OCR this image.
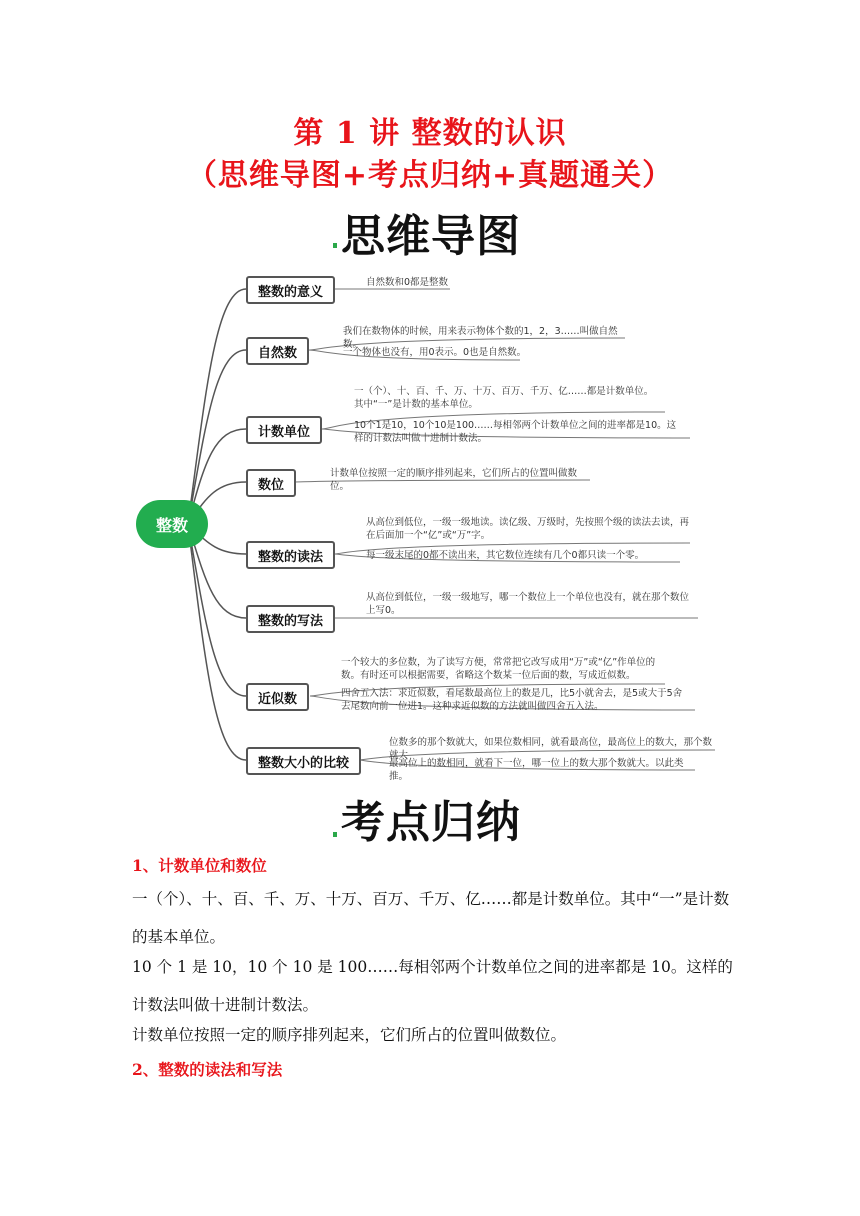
第 1 讲 整数的认识
（思维导图+考点归纳+真题通关）
思维导图
整数
整数的意义
自然数
计数单位
数位
整数的读法
整数的写法
近似数
整数大小的比较
自然数和0都是整数
我们在数物体的时候，用来表示物体个数的1，2，3……叫做自然数。
一个物体也没有，用0表示。0也是自然数。
一（个）、十、百、千、万、十万、百万、千万、亿……都是计数单位。其中“一”是计数的基本单位。
10个1是10，10个10是100……每相邻两个计数单位之间的进率都是10。这样的计数法叫做十进制计数法。
计数单位按照一定的顺序排列起来，它们所占的位置叫做数位。
从高位到低位，一级一级地读。读亿级、万级时，先按照个级的读法去读，再在后面加一个“亿”或“万”字。
每一级末尾的0都不读出来，其它数位连续有几个0都只读一个零。
从高位到低位，一级一级地写，哪一个数位上一个单位也没有，就在那个数位上写0。
一个较大的多位数，为了读写方便，常常把它改写成用“万”或“亿”作单位的数。有时还可以根据需要，省略这个数某一位后面的数，写成近似数。
四舍五入法：求近似数，看尾数最高位上的数是几，比5小就舍去，是5或大于5舍去尾数向前一位进1。这种求近似数的方法就叫做四舍五入法。
位数多的那个数就大，如果位数相同，就看最高位，最高位上的数大，那个数就大
最高位上的数相同，就看下一位，哪一位上的数大那个数就大。以此类推。
考点归纳
1、计数单位和数位
一（个）、十、百、千、万、十万、百万、千万、亿……都是计数单位。其中“一”是计数的基本单位。
10 个 1 是 10，10 个 10 是 100……每相邻两个计数单位之间的进率都是 10。这样的计数法叫做十进制计数法。
计数单位按照一定的顺序排列起来，它们所占的位置叫做数位。
2、整数的读法和写法
